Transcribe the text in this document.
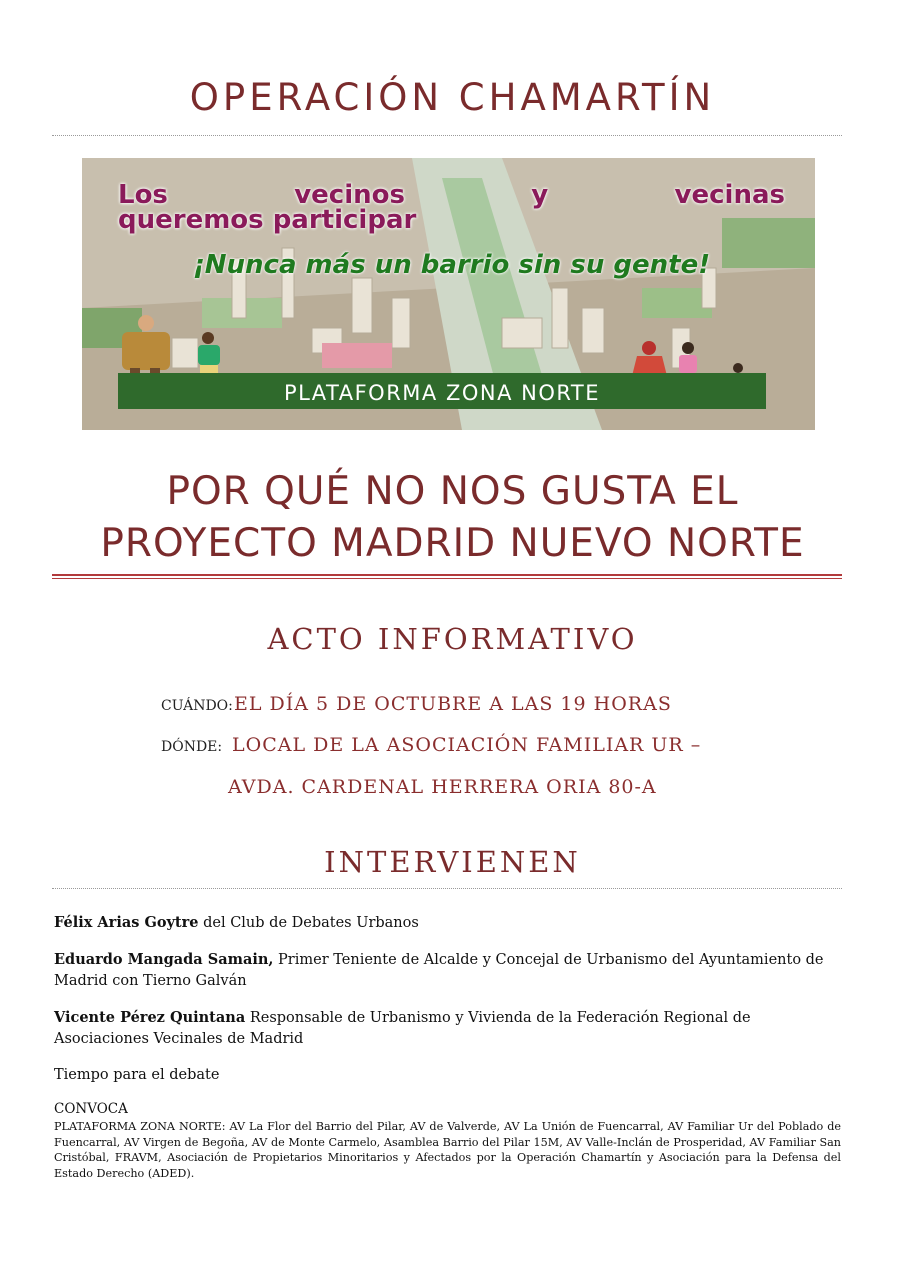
OPERACIÓN CHAMARTÍN
Los vecinos y vecinas
queremos participar
¡Nunca más un barrio sin su gente!
PLATAFORMA ZONA NORTE
POR QUÉ NO NOS GUSTA EL
PROYECTO MADRID NUEVO NORTE
ACTO INFORMATIVO
CUÁNDO: EL DÍA 5 DE OCTUBRE A LAS 19 HORAS
DÓNDE: LOCAL DE LA ASOCIACIÓN FAMILIAR UR –
AVDA. CARDENAL HERRERA ORIA 80-A
INTERVIENEN

Félix Arias Goytre del Club de Debates Urbanos

Eduardo Mangada Samain, Primer Teniente de Alcalde y Concejal de Urbanismo del Ayuntamiento de Madrid con Tierno Galván

Vicente Pérez Quintana Responsable de Urbanismo y Vivienda de la Federación Regional de Asociaciones Vecinales de Madrid

Tiempo para el debate

CONVOCA
PLATAFORMA ZONA NORTE: AV La Flor del Barrio del Pilar, AV de Valverde, AV La Unión de Fuencarral, AV Familiar Ur del Poblado de Fuencarral, AV Virgen de Begoña, AV de Monte Carmelo, Asamblea Barrio del Pilar 15M, AV Valle-Inclán de Prosperidad, AV Familiar San Cristóbal, FRAVM, Asociación de Propietarios Minoritarios y Afectados por la Operación Chamartín y Asociación para la Defensa del Estado Derecho (ADED).
